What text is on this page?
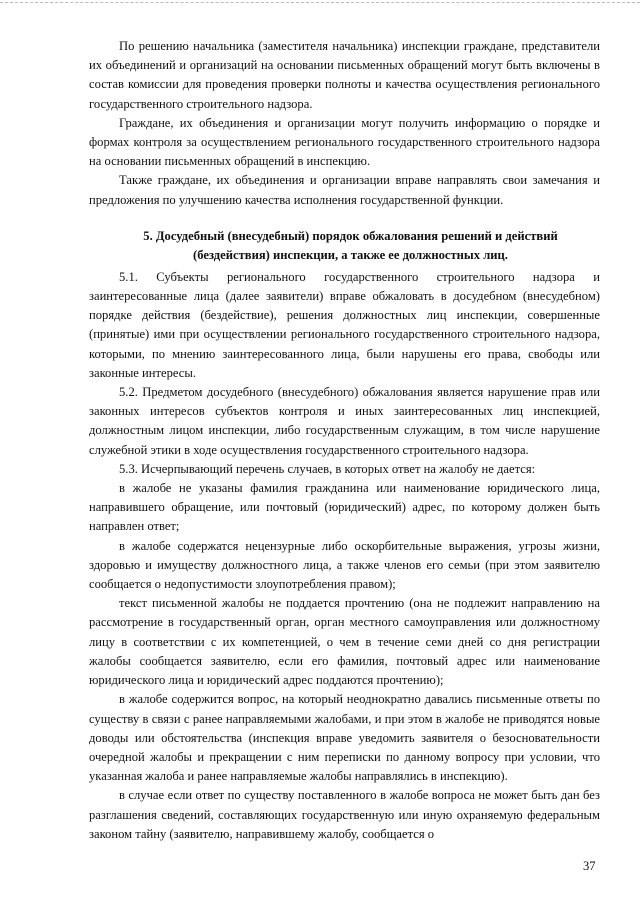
По решению начальника (заместителя начальника) инспекции граждане, представители их объединений и организаций на основании письменных обращений могут быть включены в состав комиссии для проведения проверки полноты и качества осуществления регионального государственного строительного надзора.

Граждане, их объединения и организации могут получить информацию о порядке и формах контроля за осуществлением регионального государственного строительного надзора на основании письменных обращений в инспекцию.

Также граждане, их объединения и организации вправе направлять свои замечания и предложения по улучшению качества исполнения государственной функции.

5. Досудебный (внесудебный) порядок обжалования решений и действий (бездействия) инспекции, а также ее должностных лиц.

5.1. Субъекты регионального государственного строительного надзора и заинтересованные лица (далее заявители) вправе обжаловать в досудебном (внесудебном) порядке действия (бездействие), решения должностных лиц инспекции, совершенные (принятые) ими при осуществлении регионального государственного строительного надзора, которыми, по мнению заинтересованного лица, были нарушены его права, свободы или законные интересы.

5.2. Предметом досудебного (внесудебного) обжалования является нарушение прав или законных интересов субъектов контроля и иных заинтересованных лиц инспекцией, должностным лицом инспекции, либо государственным служащим, в том числе нарушение служебной этики в ходе осуществления государственного строительного надзора.

5.3. Исчерпывающий перечень случаев, в которых ответ на жалобу не дается:

в жалобе не указаны фамилия гражданина или наименование юридического лица, направившего обращение, или почтовый (юридический) адрес, по которому должен быть направлен ответ;

в жалобе содержатся нецензурные либо оскорбительные выражения, угрозы жизни, здоровью и имуществу должностного лица, а также членов его семьи (при этом заявителю сообщается о недопустимости злоупотребления правом);

текст письменной жалобы не поддается прочтению (она не подлежит направлению на рассмотрение в государственный орган, орган местного самоуправления или должностному лицу в соответствии с их компетенцией, о чем в течение семи дней со дня регистрации жалобы сообщается заявителю, если его фамилия, почтовый адрес или наименование юридического лица и юридический адрес поддаются прочтению);

в жалобе содержится вопрос, на который неоднократно давались письменные ответы по существу в связи с ранее направляемыми жалобами, и при этом в жалобе не приводятся новые доводы или обстоятельства (инспекция вправе уведомить заявителя о безосновательности очередной жалобы и прекращении с ним переписки по данному вопросу при условии, что указанная жалоба и ранее направляемые жалобы направлялись в инспекцию).

в случае если ответ по существу поставленного в жалобе вопроса не может быть дан без разглашения сведений, составляющих государственную или иную охраняемую федеральным законом тайну (заявителю, направившему жалобу, сообщается о

37
